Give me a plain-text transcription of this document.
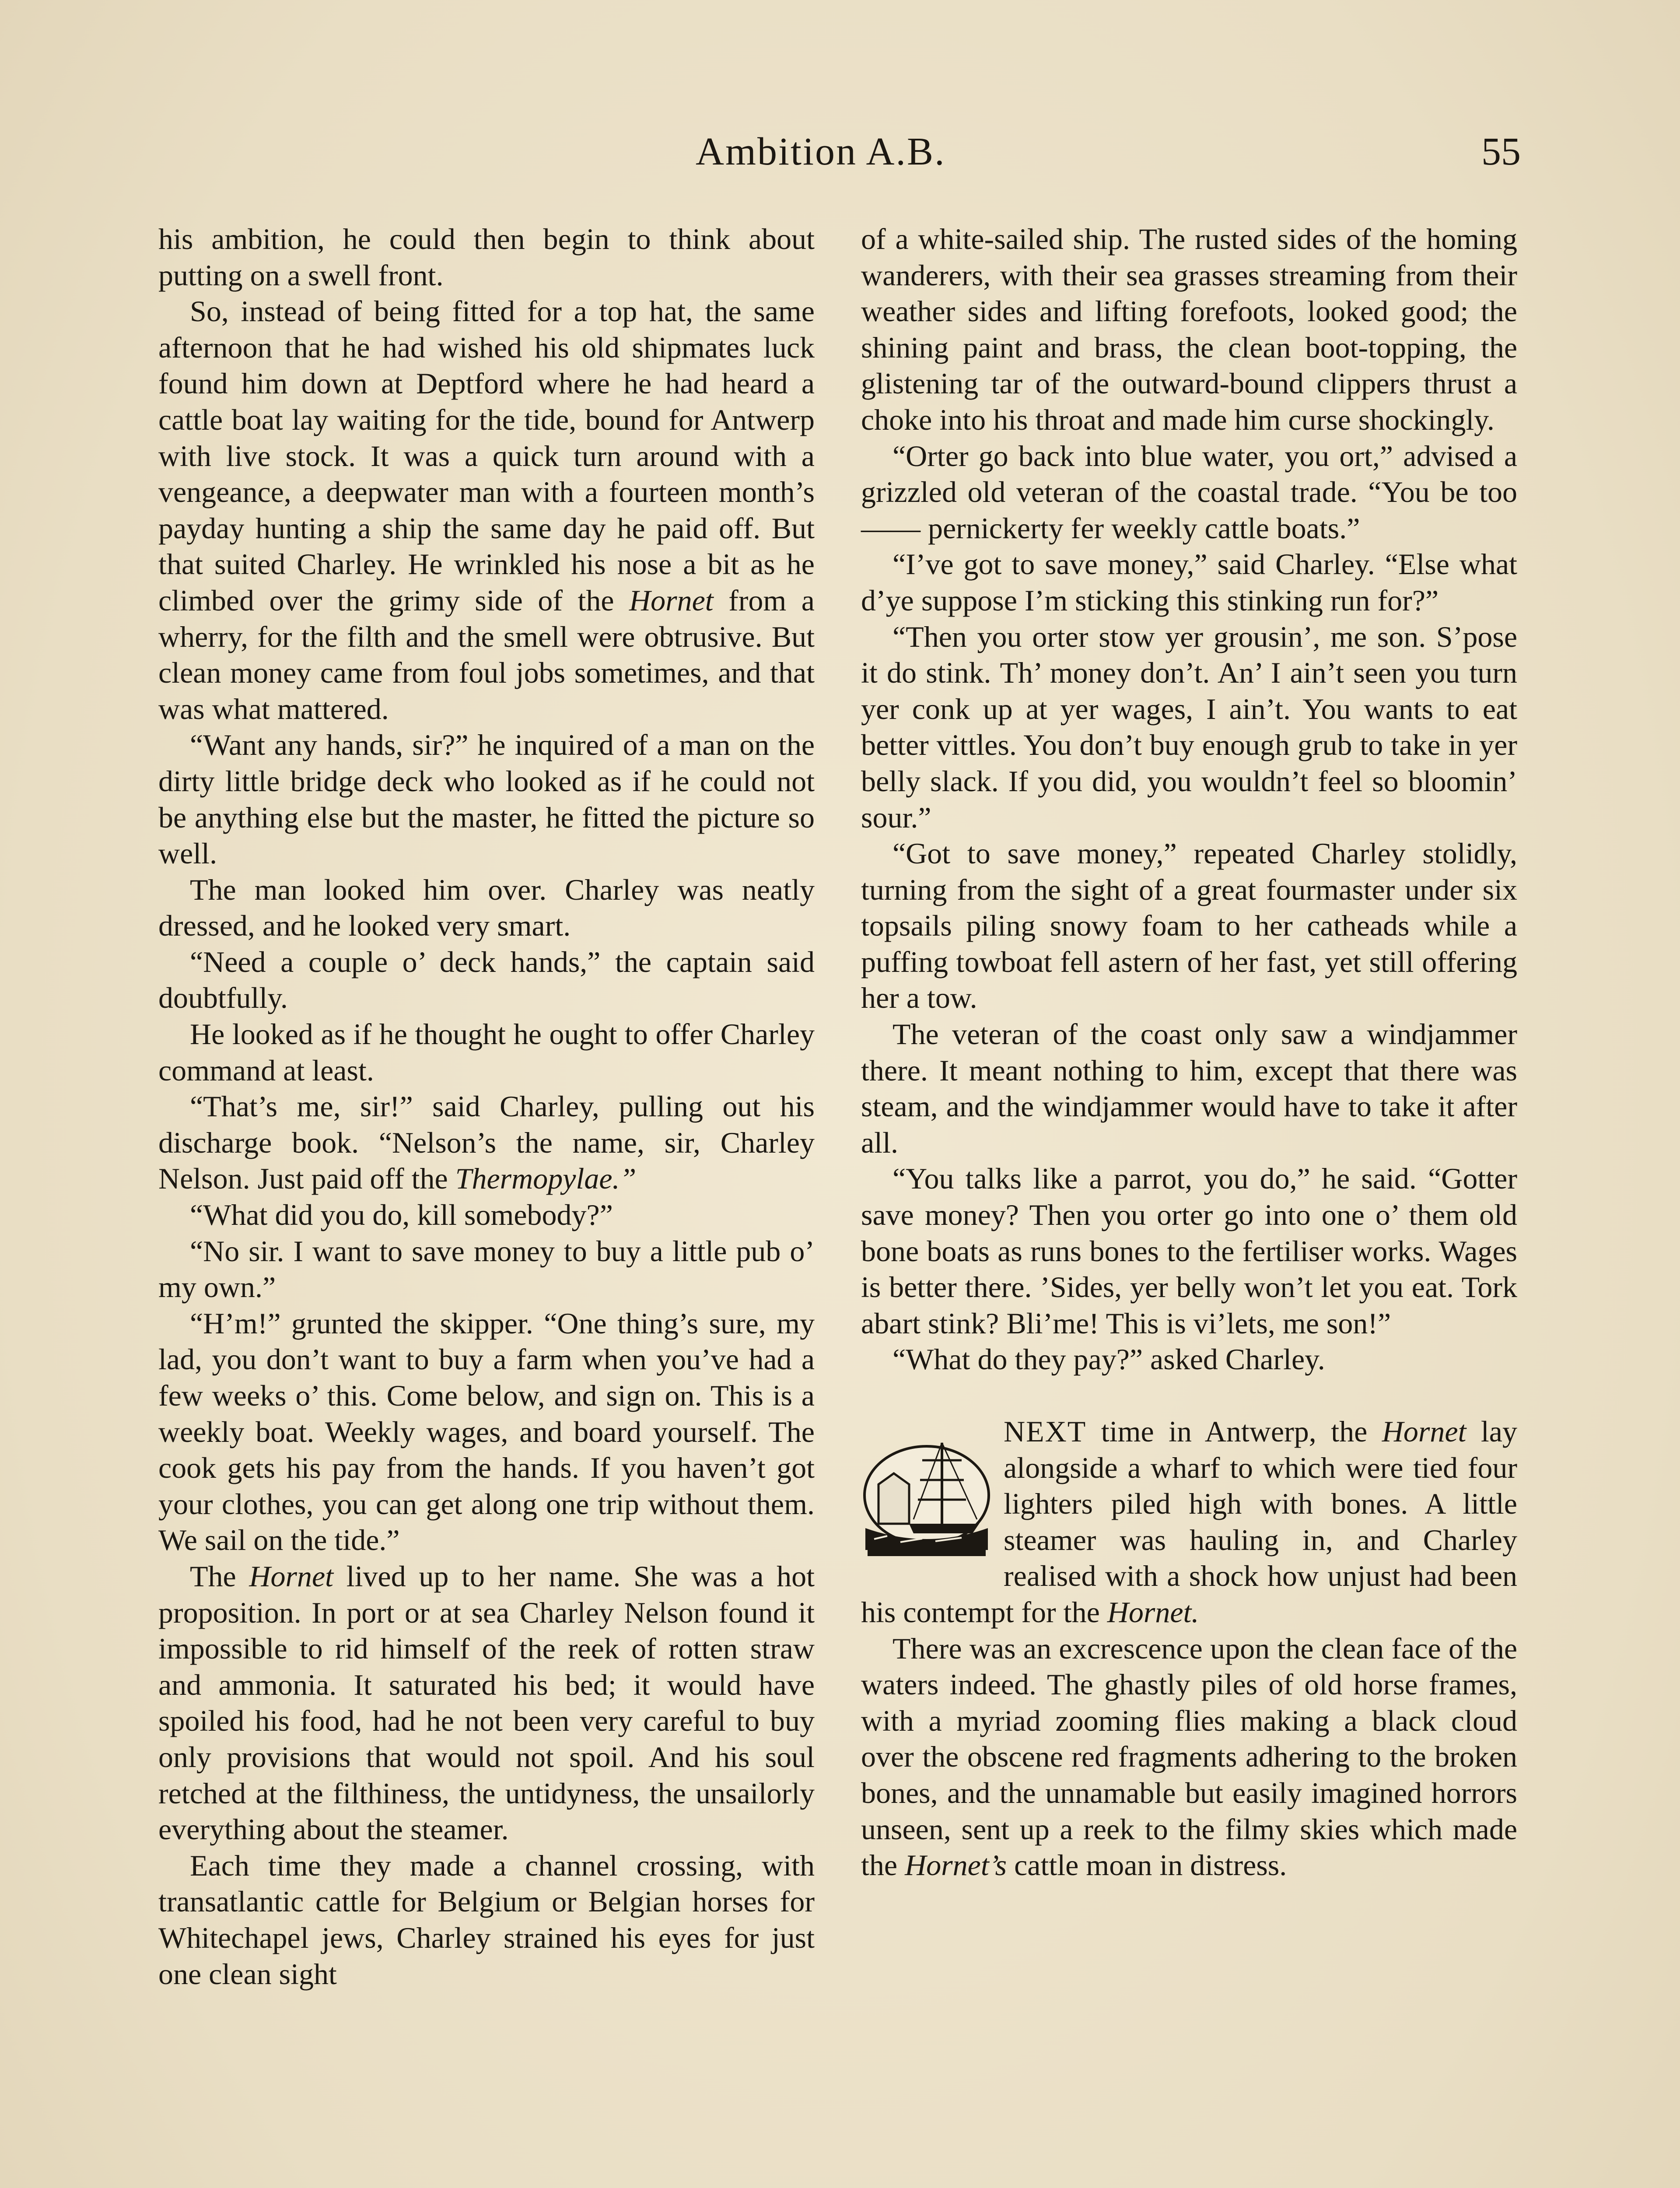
Ambition A.B.	55

his ambition, he could then begin to think about putting on a swell front.

So, instead of being fitted for a top hat, the same afternoon that he had wished his old shipmates luck found him down at Deptford where he had heard a cattle boat lay waiting for the tide, bound for Antwerp with live stock. It was a quick turn around with a vengeance, a deepwater man with a fourteen month’s payday hunting a ship the same day he paid off. But that suited Charley. He wrinkled his nose a bit as he climbed over the grimy side of the Hornet from a wherry, for the filth and the smell were obtrusive. But clean money came from foul jobs sometimes, and that was what mattered.

“Want any hands, sir?” he inquired of a man on the dirty little bridge deck who looked as if he could not be anything else but the master, he fitted the picture so well.

The man looked him over. Charley was neatly dressed, and he looked very smart.

“Need a couple o’ deck hands,” the captain said doubtfully.

He looked as if he thought he ought to offer Charley command at least.

“That’s me, sir!” said Charley, pulling out his discharge book. “Nelson’s the name, sir, Charley Nelson. Just paid off the Thermopylae.”

“What did you do, kill somebody?”

“No sir. I want to save money to buy a little pub o’ my own.”

“H’m!” grunted the skipper. “One thing’s sure, my lad, you don’t want to buy a farm when you’ve had a few weeks o’ this. Come below, and sign on. This is a weekly boat. Weekly wages, and board yourself. The cook gets his pay from the hands. If you haven’t got your clothes, you can get along one trip without them. We sail on the tide.”

The Hornet lived up to her name. She was a hot proposition. In port or at sea Charley Nelson found it impossible to rid himself of the reek of rotten straw and ammonia. It saturated his bed; it would have spoiled his food, had he not been very careful to buy only provisions that would not spoil. And his soul retched at the filthiness, the untidyness, the unsailorly everything about the steamer.

Each time they made a channel crossing, with transatlantic cattle for Belgium or Belgian horses for Whitechapel jews, Charley strained his eyes for just one clean sight

of a white-sailed ship. The rusted sides of the homing wanderers, with their sea grasses streaming from their weather sides and lifting forefoots, looked good; the shining paint and brass, the clean boot-topping, the glistening tar of the outward-bound clippers thrust a choke into his throat and made him curse shockingly.

“Orter go back into blue water, you ort,” advised a grizzled old veteran of the coastal trade. “You be too —— pernickerty fer weekly cattle boats.”

“I’ve got to save money,” said Charley. “Else what d’ye suppose I’m sticking this stinking run for?”

“Then you orter stow yer grousin’, me son. S’pose it do stink. Th’ money don’t. An’ I ain’t seen you turn yer conk up at yer wages, I ain’t. You wants to eat better vittles. You don’t buy enough grub to take in yer belly slack. If you did, you wouldn’t feel so bloomin’ sour.”

“Got to save money,” repeated Charley stolidly, turning from the sight of a great fourmaster under six topsails piling snowy foam to her catheads while a puffing towboat fell astern of her fast, yet still offering her a tow.

The veteran of the coast only saw a windjammer there. It meant nothing to him, except that there was steam, and the windjammer would have to take it after all.

“You talks like a parrot, you do,” he said. “Gotter save money? Then you orter go into one o’ them old bone boats as runs bones to the fertiliser works. Wages is better there. ’Sides, yer belly won’t let you eat. Tork abart stink? Bli’me! This is vi’lets, me son!”

“What do they pay?” asked Charley.

NEXT time in Antwerp, the Hornet lay alongside a wharf to which were tied four lighters piled high with bones. A little steamer was hauling in, and Charley realised with a shock how unjust had been his contempt for the Hornet.

There was an excrescence upon the clean face of the waters indeed. The ghastly piles of old horse frames, with a myriad zooming flies making a black cloud over the obscene red fragments adhering to the broken bones, and the unnamable but easily imagined horrors unseen, sent up a reek to the filmy skies which made the Hornet’s cattle moan in distress.
